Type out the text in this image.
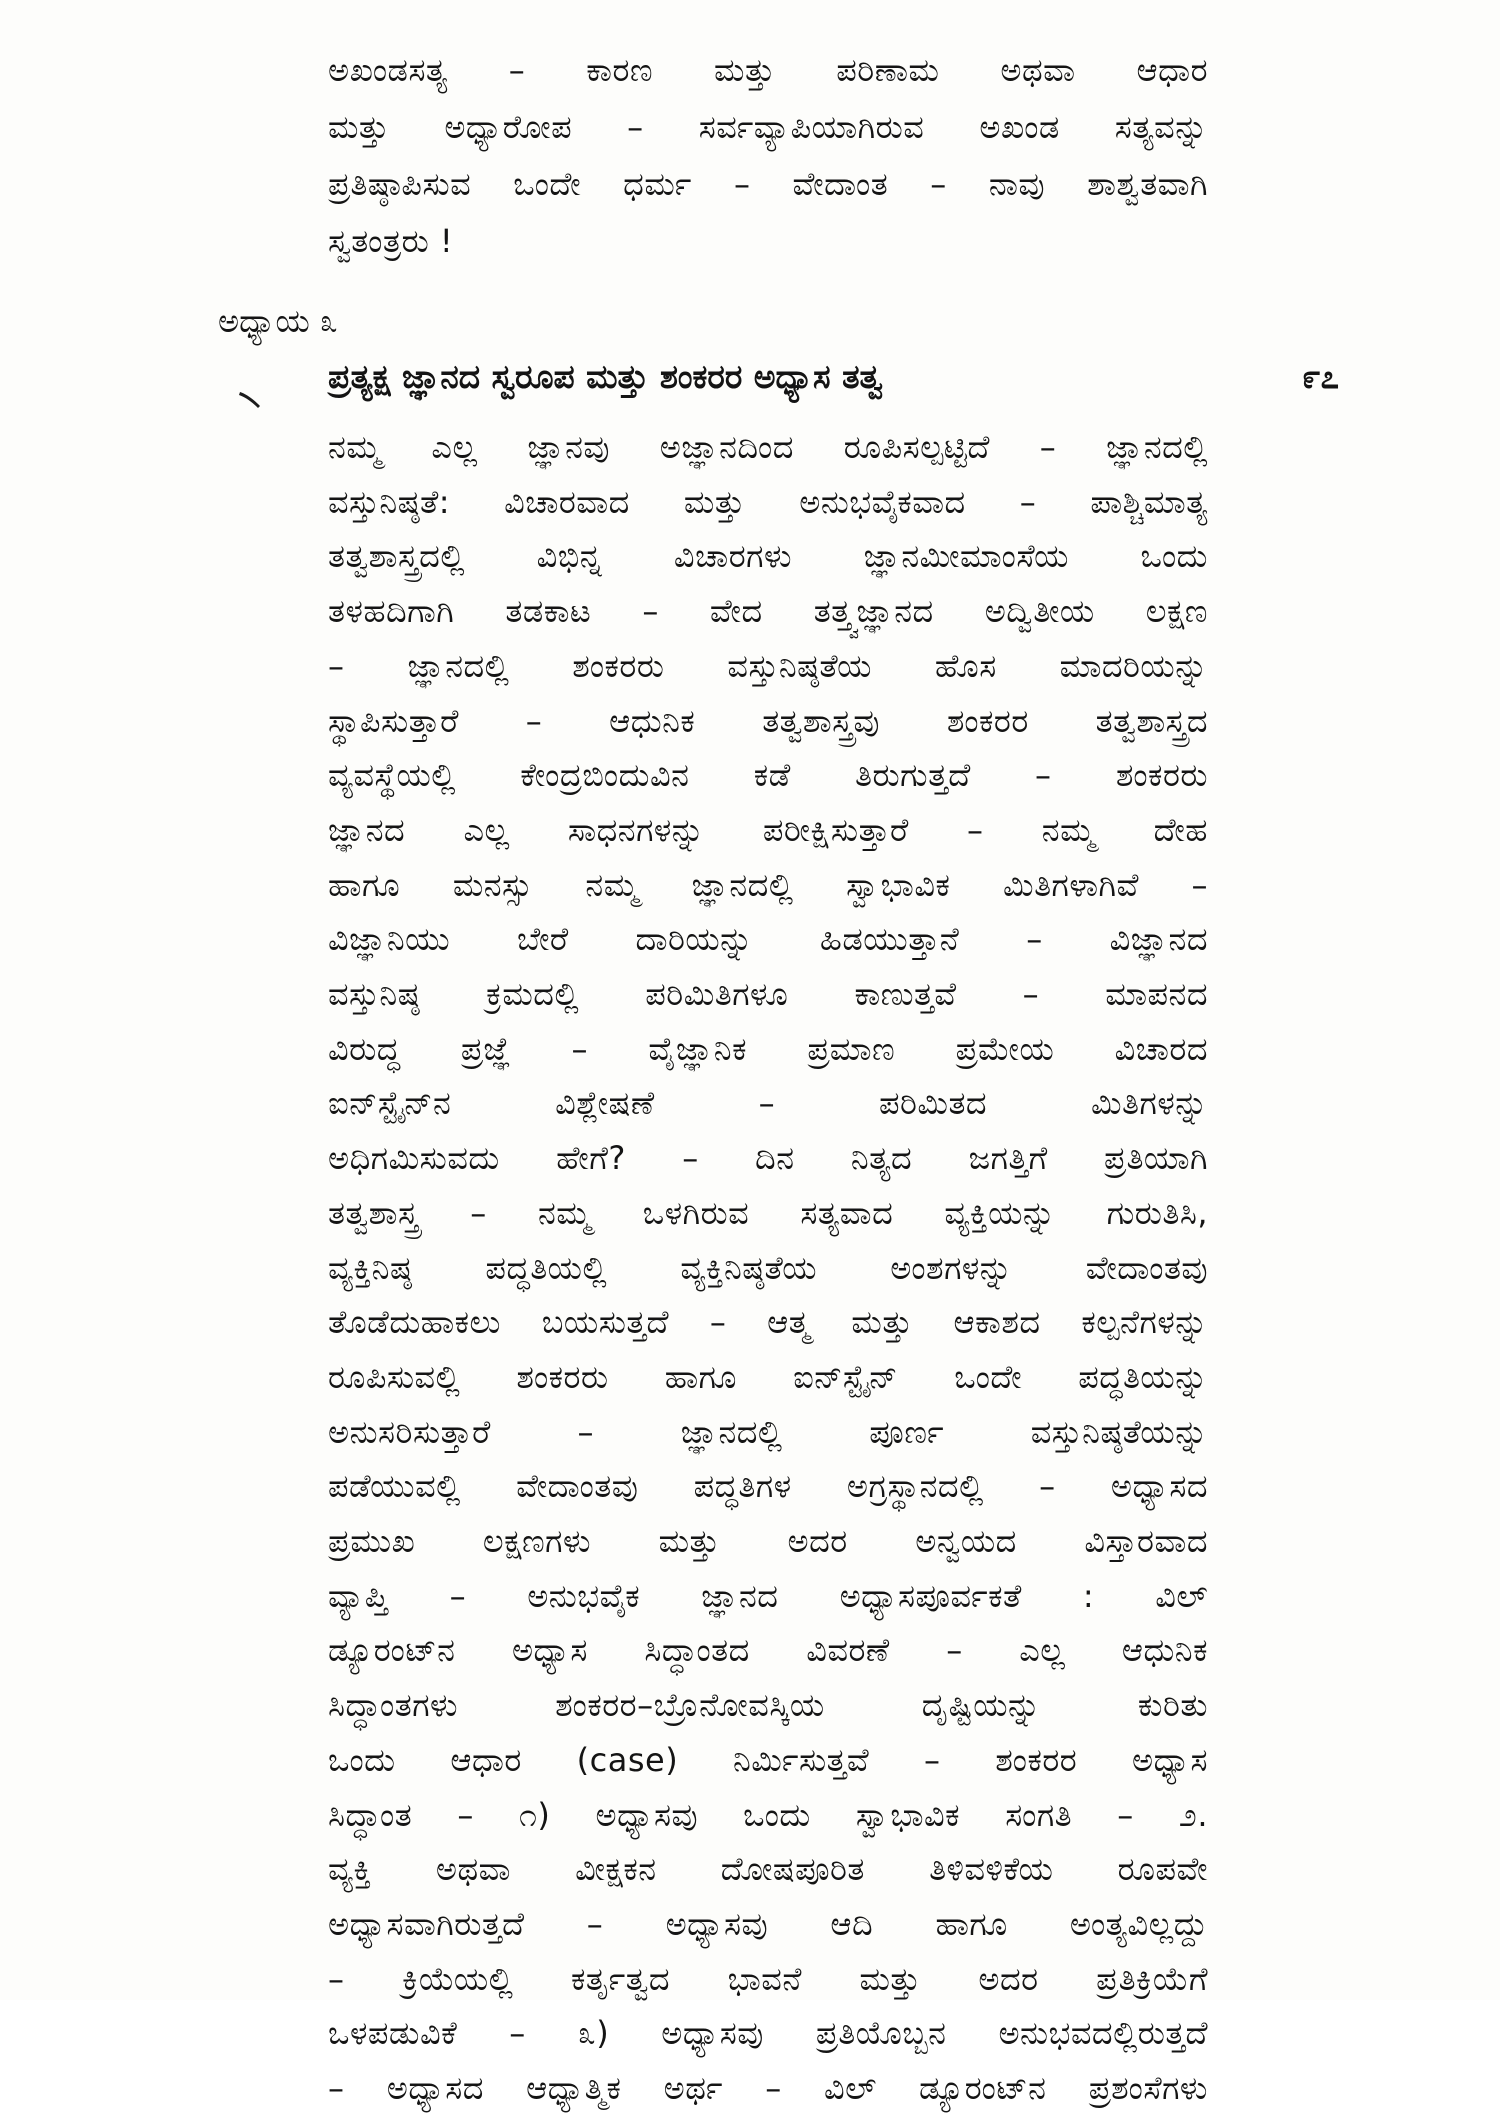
ಅಖಂಡಸತ್ಯ – ಕಾರಣ ಮತ್ತು ಪರಿಣಾಮ ಅಥವಾ ಆಧಾರ
ಮತ್ತು ಅಧ್ಯಾರೋಪ – ಸರ್ವವ್ಯಾಪಿಯಾಗಿರುವ ಅಖಂಡ ಸತ್ಯವನ್ನು
ಪ್ರತಿಷ್ಠಾಪಿಸುವ ಒಂದೇ ಧರ್ಮ – ವೇದಾಂತ – ನಾವು ಶಾಶ್ವತವಾಗಿ
ಸ್ವತಂತ್ರರು !
ಅಧ್ಯಾಯ ೩
ಪ್ರತ್ಯಕ್ಷ ಜ್ಞಾನದ ಸ್ವರೂಪ ಮತ್ತು ಶಂಕರರ ಅಧ್ಯಾಸ ತತ್ವ	೯೭
ನಮ್ಮ ಎಲ್ಲ ಜ್ಞಾನವು ಅಜ್ಞಾನದಿಂದ ರೂಪಿಸಲ್ಪಟ್ಟಿದೆ – ಜ್ಞಾನದಲ್ಲಿ
ವಸ್ತುನಿಷ್ಠತೆ: ವಿಚಾರವಾದ ಮತ್ತು ಅನುಭವೈಕವಾದ – ಪಾಶ್ಚಿಮಾತ್ಯ
ತತ್ವಶಾಸ್ತ್ರದಲ್ಲಿ ವಿಭಿನ್ನ ವಿಚಾರಗಳು ಜ್ಞಾನಮೀಮಾಂಸೆಯ ಒಂದು
ತಳಹದಿಗಾಗಿ ತಡಕಾಟ – ವೇದ ತತ್ತ್ವಜ್ಞಾನದ ಅದ್ವಿತೀಯ ಲಕ್ಷಣ
– ಜ್ಞಾನದಲ್ಲಿ ಶಂಕರರು ವಸ್ತುನಿಷ್ಠತೆಯ ಹೊಸ ಮಾದರಿಯನ್ನು
ಸ್ಥಾಪಿಸುತ್ತಾರೆ – ಆಧುನಿಕ ತತ್ವಶಾಸ್ತ್ರವು ಶಂಕರರ ತತ್ವಶಾಸ್ತ್ರದ
ವ್ಯವಸ್ಥೆಯಲ್ಲಿ ಕೇಂದ್ರಬಿಂದುವಿನ ಕಡೆ ತಿರುಗುತ್ತದೆ – ಶಂಕರರು
ಜ್ಞಾನದ ಎಲ್ಲ ಸಾಧನಗಳನ್ನು ಪರೀಕ್ಷಿಸುತ್ತಾರೆ – ನಮ್ಮ ದೇಹ
ಹಾಗೂ ಮನಸ್ಸು ನಮ್ಮ ಜ್ಞಾನದಲ್ಲಿ ಸ್ವಾಭಾವಿಕ ಮಿತಿಗಳಾಗಿವೆ –
ವಿಜ್ಞಾನಿಯು ಬೇರೆ ದಾರಿಯನ್ನು ಹಿಡಯುತ್ತಾನೆ – ವಿಜ್ಞಾನದ
ವಸ್ತುನಿಷ್ಠ ಕ್ರಮದಲ್ಲಿ ಪರಿಮಿತಿಗಳೂ ಕಾಣುತ್ತವೆ – ಮಾಪನದ
ವಿರುದ್ಧ ಪ್ರಜ್ಞೆ – ವೈಜ್ಞಾನಿಕ ಪ್ರಮಾಣ ಪ್ರಮೇಯ ವಿಚಾರದ
ಐನ್‌ಸ್ಟೈನ್‌ನ ವಿಶ್ಲೇಷಣೆ – ಪರಿಮಿತದ ಮಿತಿಗಳನ್ನು
ಅಧಿಗಮಿಸುವದು ಹೇಗೆ? – ದಿನ ನಿತ್ಯದ ಜಗತ್ತಿಗೆ ಪ್ರತಿಯಾಗಿ
ತತ್ವಶಾಸ್ತ್ರ – ನಮ್ಮ ಒಳಗಿರುವ ಸತ್ಯವಾದ ವ್ಯಕ್ತಿಯನ್ನು ಗುರುತಿಸಿ,
ವ್ಯಕ್ತಿನಿಷ್ಠ ಪದ್ಧತಿಯಲ್ಲಿ ವ್ಯಕ್ತಿನಿಷ್ಠತೆಯ ಅಂಶಗಳನ್ನು ವೇದಾಂತವು
ತೊಡೆದುಹಾಕಲು ಬಯಸುತ್ತದೆ – ಆತ್ಮ ಮತ್ತು ಆಕಾಶದ ಕಲ್ಪನೆಗಳನ್ನು
ರೂಪಿಸುವಲ್ಲಿ ಶಂಕರರು ಹಾಗೂ ಐನ್‌ಸ್ಟೈನ್ ಒಂದೇ ಪದ್ಧತಿಯನ್ನು
ಅನುಸರಿಸುತ್ತಾರೆ – ಜ್ಞಾನದಲ್ಲಿ ಪೂರ್ಣ ವಸ್ತುನಿಷ್ಠತೆಯನ್ನು
ಪಡೆಯುವಲ್ಲಿ ವೇದಾಂತವು ಪದ್ಧತಿಗಳ ಅಗ್ರಸ್ಥಾನದಲ್ಲಿ – ಅಧ್ಯಾಸದ
ಪ್ರಮುಖ ಲಕ್ಷಣಗಳು ಮತ್ತು ಅದರ ಅನ್ವಯದ ವಿಸ್ತಾರವಾದ
ವ್ಯಾಪ್ತಿ – ಅನುಭವೈಕ ಜ್ಞಾನದ ಅಧ್ಯಾಸಪೂರ್ವಕತೆ : ವಿಲ್
ಡ್ಯೂರಂಟ್‌ನ ಅಧ್ಯಾಸ ಸಿದ್ಧಾಂತದ ವಿವರಣೆ – ಎಲ್ಲ ಆಧುನಿಕ
ಸಿದ್ಧಾಂತಗಳು ಶಂಕರರ–ಬ್ರೊನೋವಸ್ಕಿಯ ದೃಷ್ಟಿಯನ್ನು ಕುರಿತು
ಒಂದು ಆಧಾರ (case) ನಿರ್ಮಿಸುತ್ತವೆ – ಶಂಕರರ ಅಧ್ಯಾಸ
ಸಿದ್ಧಾಂತ – ೧) ಅಧ್ಯಾಸವು ಒಂದು ಸ್ವಾಭಾವಿಕ ಸಂಗತಿ – ೨.
ವ್ಯಕ್ತಿ ಅಥವಾ ವೀಕ್ಷಕನ ದೋಷಪೂರಿತ ತಿಳಿವಳಿಕೆಯ ರೂಪವೇ
ಅಧ್ಯಾಸವಾಗಿರುತ್ತದೆ – ಅಧ್ಯಾಸವು ಆದಿ ಹಾಗೂ ಅಂತ್ಯವಿಲ್ಲದ್ದು
– ಕ್ರಿಯೆಯಲ್ಲಿ ಕರ್ತೃತ್ವದ ಭಾವನೆ ಮತ್ತು ಅದರ ಪ್ರತಿಕ್ರಿಯೆಗೆ
ಒಳಪಡುವಿಕೆ – ೩) ಅಧ್ಯಾಸವು ಪ್ರತಿಯೊಬ್ಬನ ಅನುಭವದಲ್ಲಿರುತ್ತದೆ
– ಅಧ್ಯಾಸದ ಆಧ್ಯಾತ್ಮಿಕ ಅರ್ಥ – ವಿಲ್ ಡ್ಯೂರಂಟ್‌ನ ಪ್ರಶಂಸೆಗಳು
